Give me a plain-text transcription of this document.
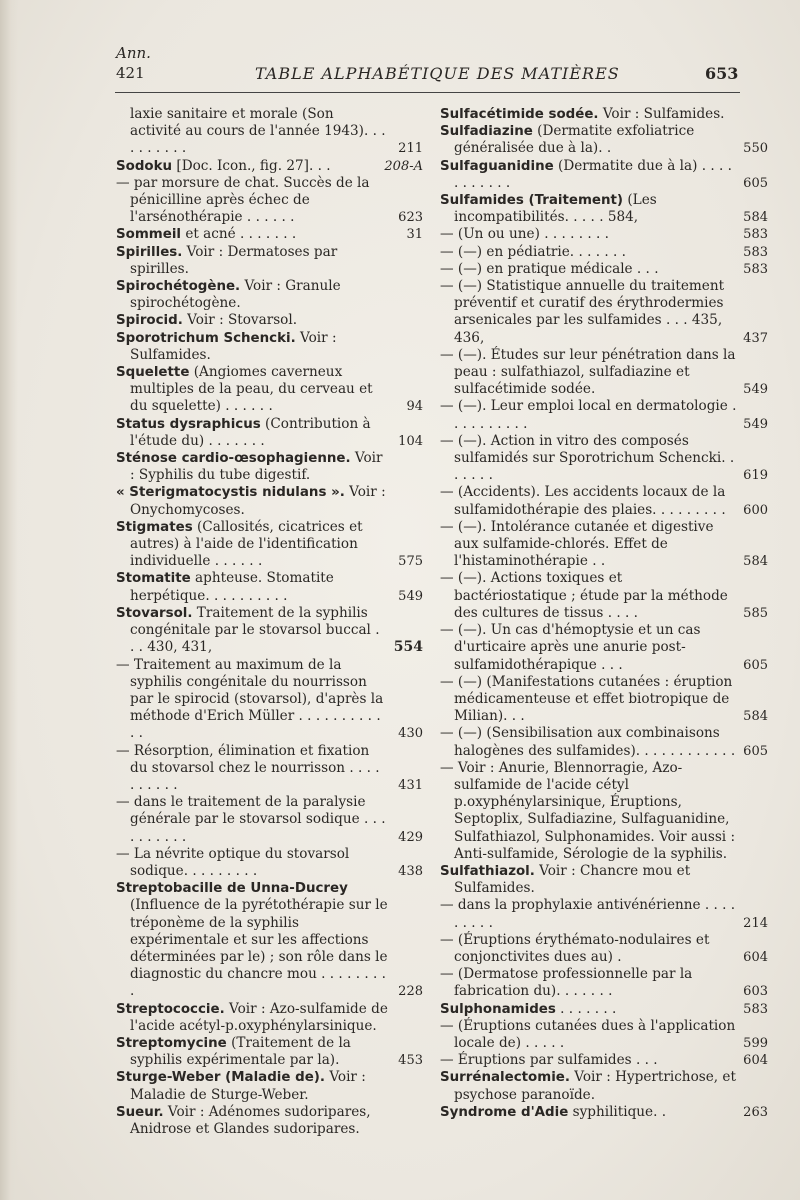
Ann.
421	TABLE ALPHABÉTIQUE DES MATIÈRES	653

laxie sanitaire et morale (Son activité au cours de l'année 1943). . . . . . . . . .	211

Sodoku [Doc. Icon., fig. 27]. . .	208-A

— par morsure de chat. Succès de la pénicilline après échec de l'arsénothérapie . . . . . .	623

Sommeil et acné . . . . . . .	31

Spirilles. Voir : Dermatoses par spirilles.

Spirochétogène. Voir : Granule spirochétogène.

Spirocid. Voir : Stovarsol.

Sporotrichum Schencki. Voir : Sulfamides.

Squelette (Angiomes caverneux multiples de la peau, du cerveau et du squelette) . . . . . .	94

Status dysraphicus (Contribution à l'étude du) . . . . . . .	104

Sténose cardio-œsophagienne. Voir : Syphilis du tube digestif.

« Sterigmatocystis nidulans ». Voir : Onychomycoses.

Stigmates (Callosités, cicatrices et autres) à l'aide de l'identification individuelle . . . . . .	575

Stomatite aphteuse. Stomatite herpétique. . . . . . . . . .	549

Stovarsol. Traitement de la syphilis congénitale par le stovarsol buccal . . . 430, 431,	554

— Traitement au maximum de la syphilis congénitale du nourrisson par le spirocid (stovarsol), d'après la méthode d'Erich Müller . . . . . . . . . . . .	430

— Résorption, élimination et fixation du stovarsol chez le nourrisson . . . . . . . . . .	431

— dans le traitement de la paralysie générale par le stovarsol sodique . . . . . . . . . .	429

— La névrite optique du stovarsol sodique. . . . . . . . .	438

Streptobacille de Unna-Ducrey (Influence de la pyrétothérapie sur le tréponème de la syphilis expérimentale et sur les affections déterminées par le) ; son rôle dans le diagnostic du chancre mou . . . . . . . . .	228

Streptococcie. Voir : Azo-sulfamide de l'acide acétyl-p.oxyphénylarsinique.

Streptomycine (Traitement de la syphilis expérimentale par la).	453

Sturge-Weber (Maladie de). Voir : Maladie de Sturge-Weber.

Sueur. Voir : Adénomes sudoripares, Anidrose et Glandes sudoripares.

Sulfacétimide sodée. Voir : Sulfamides.

Sulfadiazine (Dermatite exfoliatrice généralisée due à la). .	550

Sulfaguanidine (Dermatite due à la) . . . . . . . . . . .	605

Sulfamides (Traitement) (Les incompatibilités. . . . . 584,	584

— (Un ou une) . . . . . . . .	583

— (—) en pédiatrie. . . . . . .	583

— (—) en pratique médicale . . .	583

— (—) Statistique annuelle du traitement préventif et curatif des érythrodermies arsenicales par les sulfamides . . . 435, 436,	437

— (—). Études sur leur pénétration dans la peau : sulfathiazol, sulfadiazine et sulfacétimide sodée.	549

— (—). Leur emploi local en dermatologie . . . . . . . . . .	549

— (—). Action in vitro des composés sulfamidés sur Sporotrichum Schencki. . . . . . .	619

— (Accidents). Les accidents locaux de la sulfamidothérapie des plaies. . . . . . . . .	600

— (—). Intolérance cutanée et digestive aux sulfamide-chlorés. Effet de l'histaminothérapie . .	584

— (—). Actions toxiques et bactériostatique ; étude par la méthode des cultures de tissus . . . .	585

— (—). Un cas d'hémoptysie et un cas d'urticaire après une anurie post-sulfamidothérapique . . .	605

— (—) (Manifestations cutanées : éruption médicamenteuse et effet biotropique de Milian). . .	584

— (—) (Sensibilisation aux combinaisons halogènes des sulfamides). . . . . . . . . . . . 605

— Voir : Anurie, Blennorragie, Azo-sulfamide de l'acide cétyl p.oxyphénylarsinique, Éruptions, Septoplix, Sulfadiazine, Sulfaguanidine, Sulfathiazol, Sulphonamides. Voir aussi : Anti-sulfamide, Sérologie de la syphilis.

Sulfathiazol. Voir : Chancre mou et Sulfamides.

— dans la prophylaxie antivénérienne . . . . . . . . .	214

— (Éruptions érythémato-nodulaires et conjonctivites dues au) .	604

— (Dermatose professionnelle par la fabrication du). . . . . . .	603

Sulphonamides . . . . . . .	583

— (Éruptions cutanées dues à l'application locale de) . . . . .	599

— Éruptions par sulfamides . . .	604

Surrénalectomie. Voir : Hypertrichose, et psychose paranoïde.

Syndrome d'Adie syphilitique. .	263
